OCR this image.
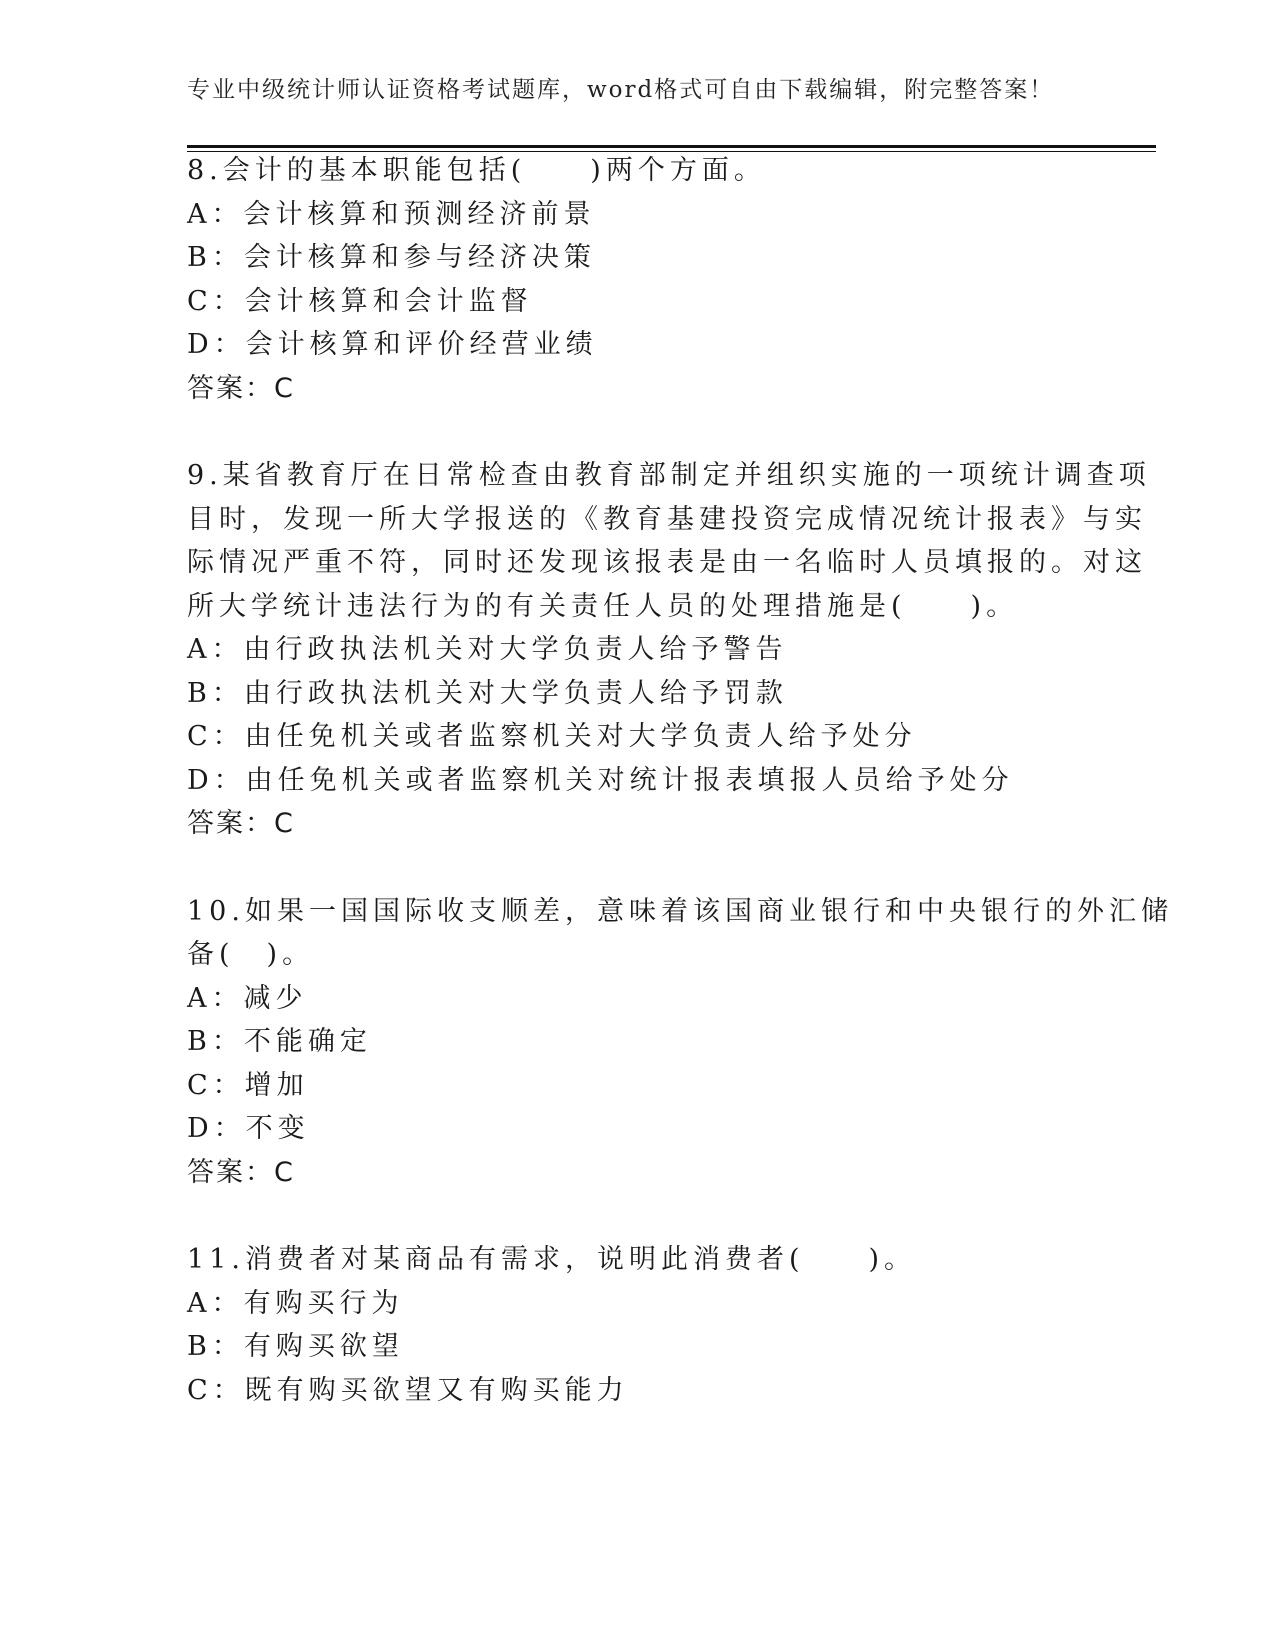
专业中级统计师认证资格考试题库，word格式可自由下载编辑，附完整答案！
8.会计的基本职能包括(　　)两个方面。
A：会计核算和预测经济前景
B：会计核算和参与经济决策
C：会计核算和会计监督
D：会计核算和评价经营业绩
答案：C
9.某省教育厅在日常检查由教育部制定并组织实施的一项统计调查项
目时，发现一所大学报送的《教育基建投资完成情况统计报表》与实
际情况严重不符，同时还发现该报表是由一名临时人员填报的。对这
所大学统计违法行为的有关责任人员的处理措施是(　　)。
A：由行政执法机关对大学负责人给予警告
B：由行政执法机关对大学负责人给予罚款
C：由任免机关或者监察机关对大学负责人给予处分
D：由任免机关或者监察机关对统计报表填报人员给予处分
答案：C
10.如果一国国际收支顺差，意味着该国商业银行和中央银行的外汇储
备(　)。
A：减少
B：不能确定
C：增加
D：不变
答案：C
11.消费者对某商品有需求，说明此消费者(　　)。
A：有购买行为
B：有购买欲望
C：既有购买欲望又有购买能力
